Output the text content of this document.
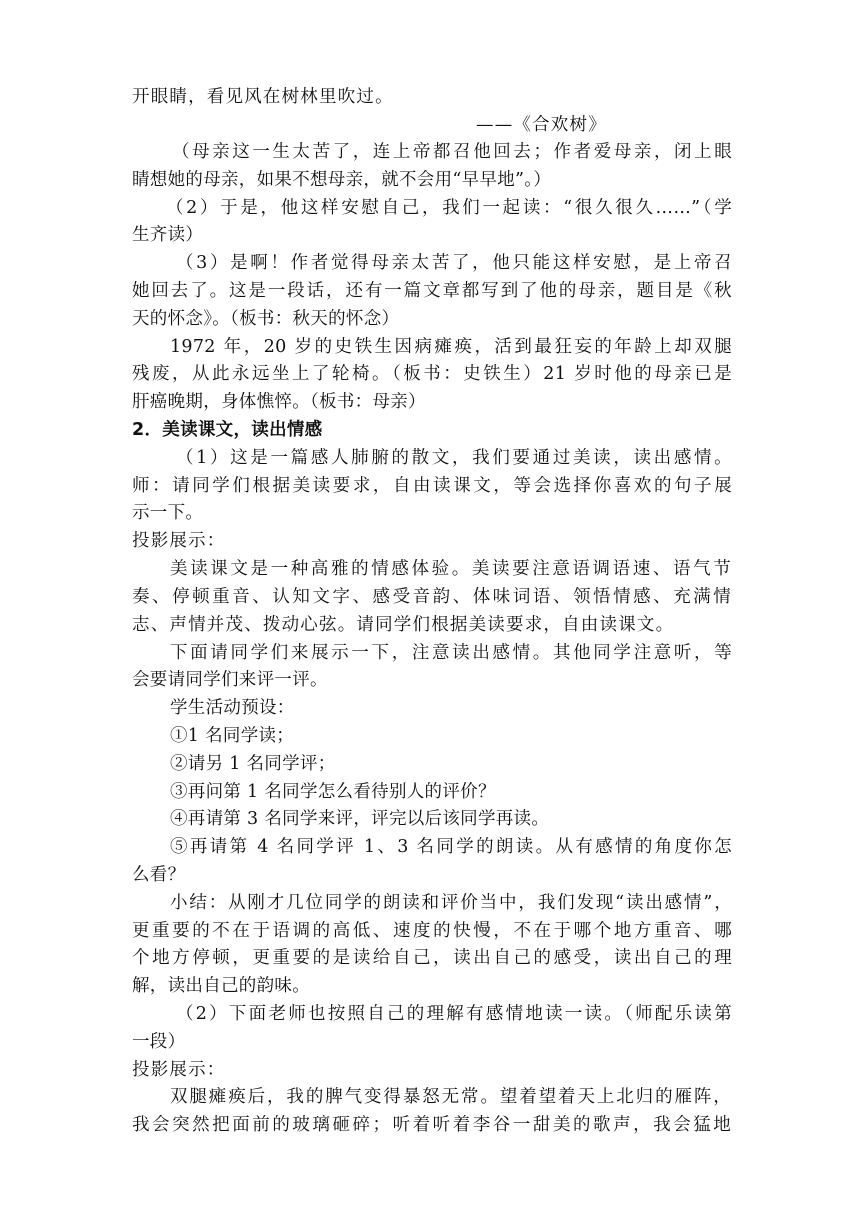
开眼睛，看见风在树林里吹过。
——《合欢树》
（母亲这一生太苦了，连上帝都召他回去；作者爱母亲，闭上眼
睛想她的母亲，如果不想母亲，就不会用“早早地”。）
（2）于是，他这样安慰自己，我们一起读：“很久很久……”（学
生齐读）
（3）是啊！作者觉得母亲太苦了，他只能这样安慰，是上帝召
她回去了。这是一段话，还有一篇文章都写到了他的母亲，题目是《秋
天的怀念》。（板书：秋天的怀念）
1972 年，20 岁的史铁生因病瘫痪，活到最狂妄的年龄上却双腿
残废，从此永远坐上了轮椅。（板书：史铁生）21 岁时他的母亲已是
肝癌晚期，身体憔悴。（板书：母亲）
2．美读课文，读出情感
（1）这是一篇感人肺腑的散文，我们要通过美读，读出感情。
师：请同学们根据美读要求，自由读课文，等会选择你喜欢的句子展
示一下。
投影展示：
美读课文是一种高雅的情感体验。美读要注意语调语速、语气节
奏、停顿重音、认知文字、感受音韵、体味词语、领悟情感、充满情
志、声情并茂、拨动心弦。请同学们根据美读要求，自由读课文。
下面请同学们来展示一下，注意读出感情。其他同学注意听，等
会要请同学们来评一评。
学生活动预设：
①1 名同学读；
②请另 1 名同学评；
③再问第 1 名同学怎么看待别人的评价？
④再请第 3 名同学来评，评完以后该同学再读。
⑤再请第 4 名同学评 1、3 名同学的朗读。从有感情的角度你怎
么看？
小结：从刚才几位同学的朗读和评价当中，我们发现“读出感情”，
更重要的不在于语调的高低、速度的快慢，不在于哪个地方重音、哪
个地方停顿，更重要的是读给自己，读出自己的感受，读出自己的理
解，读出自己的韵味。
（2）下面老师也按照自己的理解有感情地读一读。（师配乐读第
一段）
投影展示：
双腿瘫痪后，我的脾气变得暴怒无常。望着望着天上北归的雁阵，
我会突然把面前的玻璃砸碎；听着听着李谷一甜美的歌声，我会猛地
